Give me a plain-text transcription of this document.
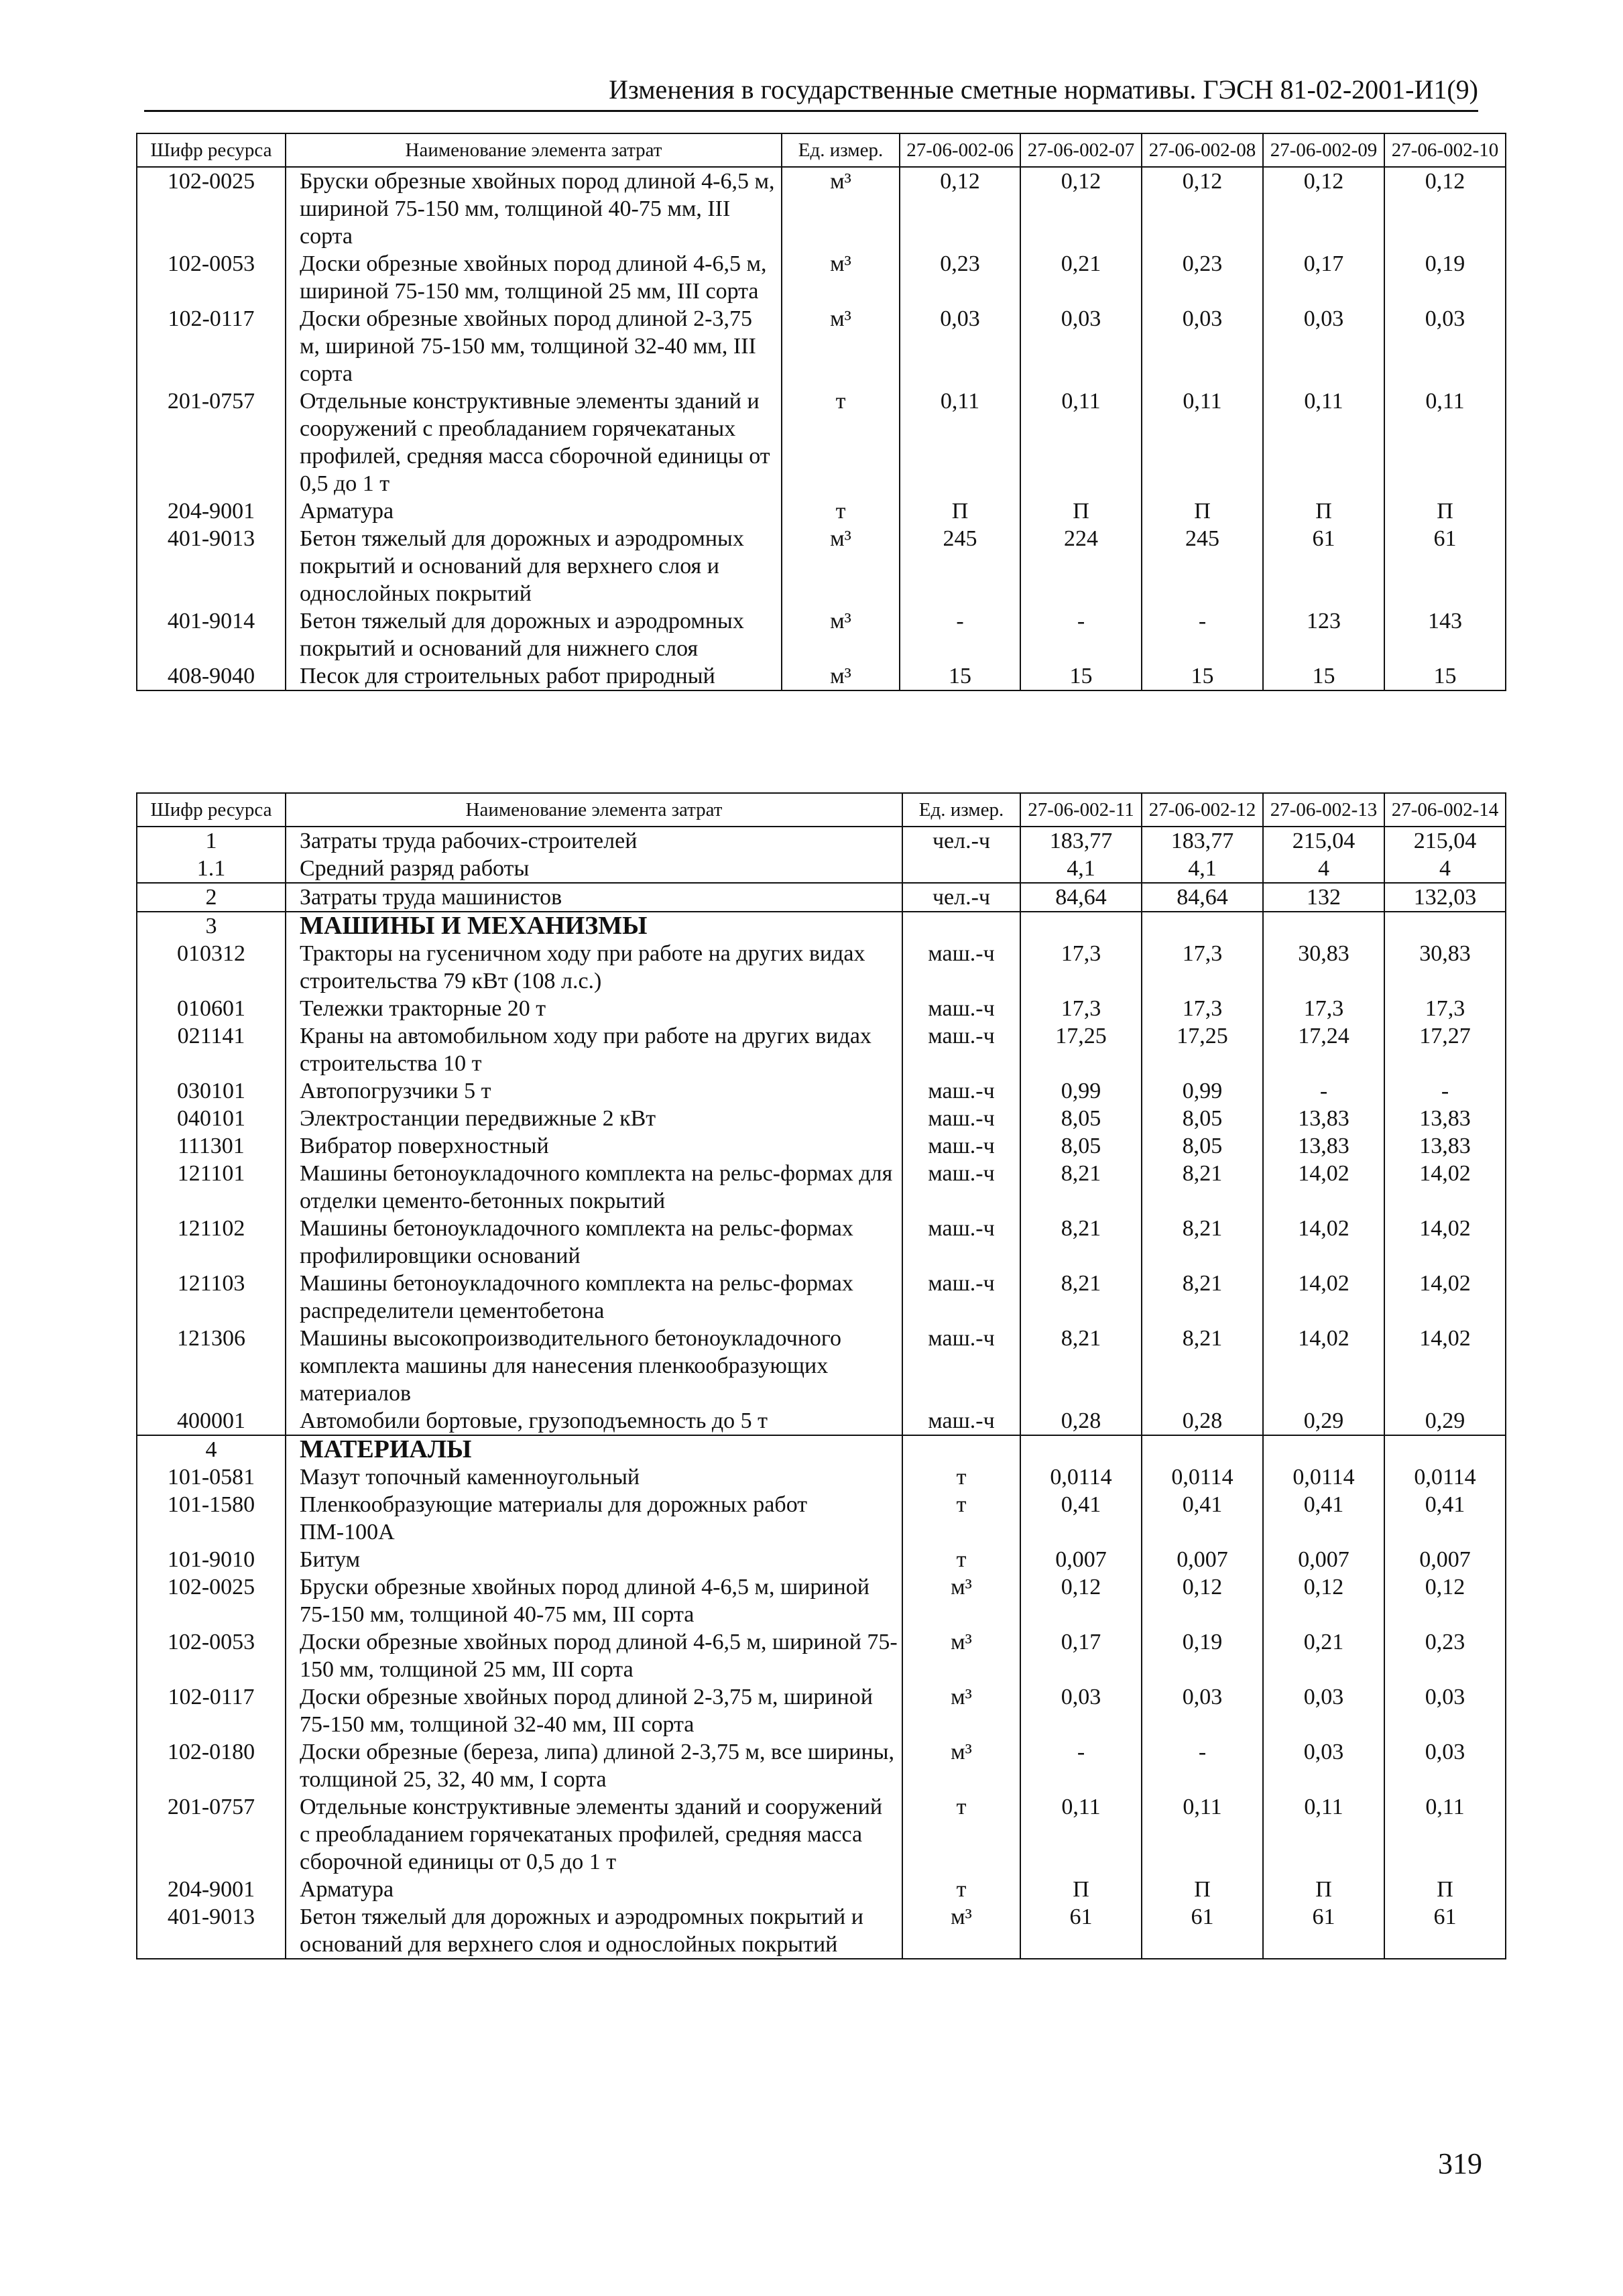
Изменения в государственные сметные нормативы. ГЭСН 81-02-2001-И1(9)
Шифр ресурса	Наименование элемента затрат	Ед. измер.	27-06-002-06	27-06-002-07	27-06-002-08	27-06-002-09	27-06-002-10
102-0025	Бруски обрезные хвойных пород длиной 4-6,5 м, шириной 75-150 мм, толщиной 40-75 мм, III сорта	м³	0,12	0,12	0,12	0,12	0,12
102-0053	Доски обрезные хвойных пород длиной 4-6,5 м, шириной 75-150 мм, толщиной 25 мм, III сорта	м³	0,23	0,21	0,23	0,17	0,19
102-0117	Доски обрезные хвойных пород длиной 2-3,75 м, шириной 75-150 мм, толщиной 32-40 мм, III сорта	м³	0,03	0,03	0,03	0,03	0,03
201-0757	Отдельные конструктивные элементы зданий и сооружений с преобладанием горячекатаных профилей, средняя масса сборочной единицы от 0,5 до 1 т	т	0,11	0,11	0,11	0,11	0,11
204-9001	Арматура	т	П	П	П	П	П
401-9013	Бетон тяжелый для дорожных и аэродромных покрытий и оснований для верхнего слоя и однослойных покрытий	м³	245	224	245	61	61
401-9014	Бетон тяжелый для дорожных и аэродромных покрытий и оснований для нижнего слоя	м³	-	-	-	123	143
408-9040	Песок для строительных работ природный	м³	15	15	15	15	15
Шифр ресурса	Наименование элемента затрат	Ед. измер.	27-06-002-11	27-06-002-12	27-06-002-13	27-06-002-14
1	Затраты труда рабочих-строителей	чел.-ч	183,77	183,77	215,04	215,04
1.1	Средний разряд работы		4,1	4,1	4	4
2	Затраты труда машинистов	чел.-ч	84,64	84,64	132	132,03
3	МАШИНЫ И МЕХАНИЗМЫ					
010312	Тракторы на гусеничном ходу при работе на других видах строительства 79 кВт (108 л.с.)	маш.-ч	17,3	17,3	30,83	30,83
010601	Тележки тракторные 20 т	маш.-ч	17,3	17,3	17,3	17,3
021141	Краны на автомобильном ходу при работе на других видах строительства 10 т	маш.-ч	17,25	17,25	17,24	17,27
030101	Автопогрузчики 5 т	маш.-ч	0,99	0,99	-	-
040101	Электростанции передвижные 2 кВт	маш.-ч	8,05	8,05	13,83	13,83
111301	Вибратор поверхностный	маш.-ч	8,05	8,05	13,83	13,83
121101	Машины бетоноукладочного комплекта на рельс-формах для отделки цементо-бетонных покрытий	маш.-ч	8,21	8,21	14,02	14,02
121102	Машины бетоноукладочного комплекта на рельс-формах профилировщики оснований	маш.-ч	8,21	8,21	14,02	14,02
121103	Машины бетоноукладочного комплекта на рельс-формах распределители цементобетона	маш.-ч	8,21	8,21	14,02	14,02
121306	Машины высокопроизводительного бетоноукладочного комплекта машины для нанесения пленкообразующих материалов	маш.-ч	8,21	8,21	14,02	14,02
400001	Автомобили бортовые, грузоподъемность до 5 т	маш.-ч	0,28	0,28	0,29	0,29
4	МАТЕРИАЛЫ					
101-0581	Мазут топочный каменноугольный	т	0,0114	0,0114	0,0114	0,0114
101-1580	Пленкообразующие материалы для дорожных работ ПМ-100А	т	0,41	0,41	0,41	0,41
101-9010	Битум	т	0,007	0,007	0,007	0,007
102-0025	Бруски обрезные хвойных пород длиной 4-6,5 м, шириной 75-150 мм, толщиной 40-75 мм, III сорта	м³	0,12	0,12	0,12	0,12
102-0053	Доски обрезные хвойных пород длиной 4-6,5 м, шириной 75-150 мм, толщиной 25 мм, III сорта	м³	0,17	0,19	0,21	0,23
102-0117	Доски обрезные хвойных пород длиной 2-3,75 м, шириной 75-150 мм, толщиной 32-40 мм, III сорта	м³	0,03	0,03	0,03	0,03
102-0180	Доски обрезные (береза, липа) длиной 2-3,75 м, все ширины, толщиной 25, 32, 40 мм, I сорта	м³	-	-	0,03	0,03
201-0757	Отдельные конструктивные элементы зданий и сооружений с преобладанием горячекатаных профилей, средняя масса сборочной единицы от 0,5 до 1 т	т	0,11	0,11	0,11	0,11
204-9001	Арматура	т	П	П	П	П
401-9013	Бетон тяжелый для дорожных и аэродромных покрытий и оснований для верхнего слоя и однослойных покрытий	м³	61	61	61	61
319
